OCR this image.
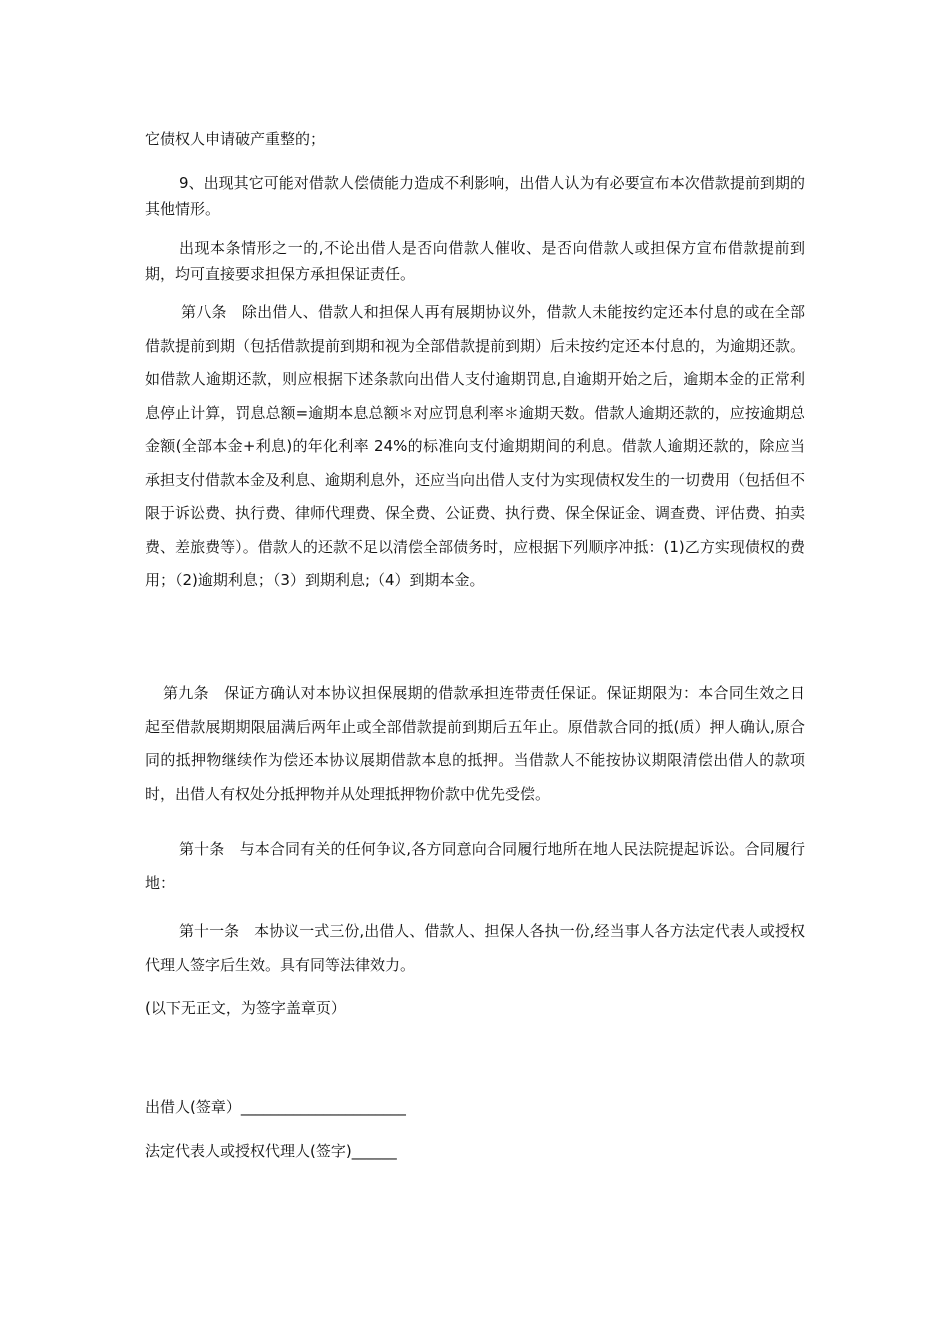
它债权人申请破产重整的；

9、出现其它可能对借款人偿债能力造成不利影响，出借人认为有必要宣布本次借款提前到期的其他情形。

出现本条情形之一的,不论出借人是否向借款人催收、是否向借款人或担保方宣布借款提前到期，均可直接要求担保方承担保证责任。

第八条　除出借人、借款人和担保人再有展期协议外，借款人未能按约定还本付息的或在全部借款提前到期（包括借款提前到期和视为全部借款提前到期）后未按约定还本付息的，为逾期还款。如借款人逾期还款，则应根据下述条款向出借人支付逾期罚息,自逾期开始之后，逾期本金的正常利息停止计算，罚息总额=逾期本息总额＊对应罚息利率＊逾期天数。借款人逾期还款的，应按逾期总金额(全部本金+利息)的年化利率 24%的标准向支付逾期期间的利息。借款人逾期还款的，除应当承担支付借款本金及利息、逾期利息外，还应当向出借人支付为实现债权发生的一切费用（包括但不限于诉讼费、执行费、律师代理费、保全费、公证费、执行费、保全保证金、调查费、评估费、拍卖费、差旅费等）。借款人的还款不足以清偿全部债务时，应根据下列顺序冲抵：(1)乙方实现债权的费用；（2)逾期利息；（3）到期利息;（4）到期本金。

第九条　保证方确认对本协议担保展期的借款承担连带责任保证。保证期限为：本合同生效之日起至借款展期期限届满后两年止或全部借款提前到期后五年止。原借款合同的抵(质）押人确认,原合同的抵押物继续作为偿还本协议展期借款本息的抵押。当借款人不能按协议期限清偿出借人的款项时，出借人有权处分抵押物并从处理抵押物价款中优先受偿。

第十条　与本合同有关的任何争议,各方同意向合同履行地所在地人民法院提起诉讼。合同履行地：

第十一条　本协议一式三份,出借人、借款人、担保人各执一份,经当事人各方法定代表人或授权代理人签字后生效。具有同等法律效力。

(以下无正文，为签字盖章页）

出借人(签章）______________________
法定代表人或授权代理人(签字)______
